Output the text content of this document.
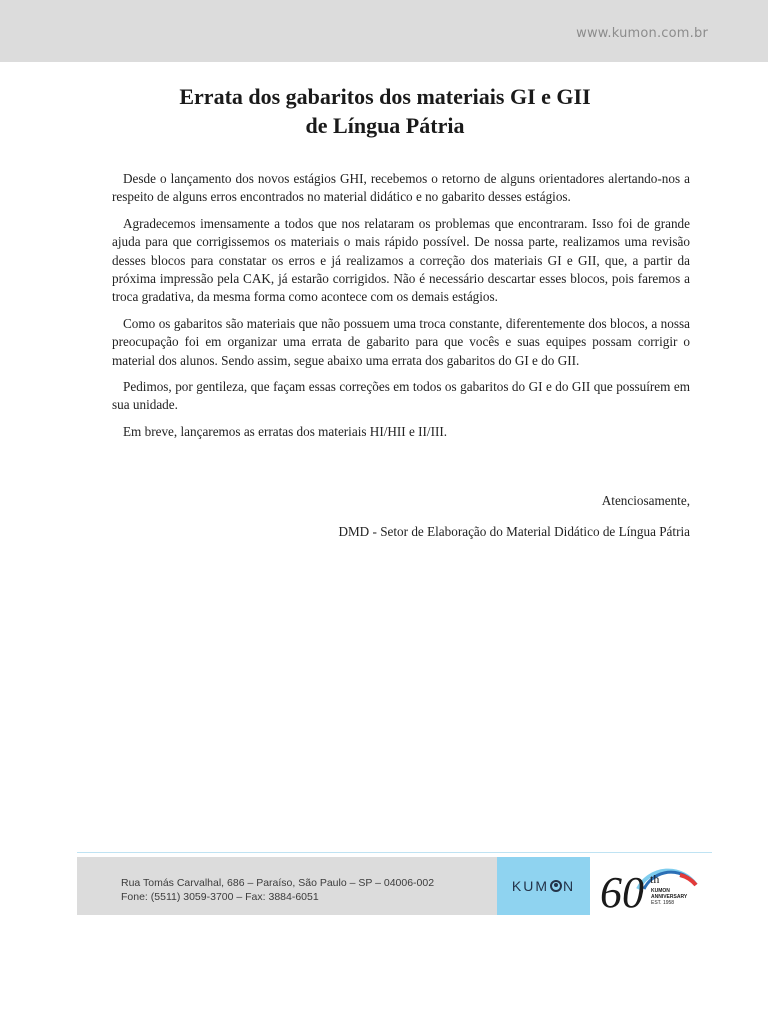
www.kumon.com.br
Errata dos gabaritos dos materiais GI e GII
de Língua Pátria

Desde o lançamento dos novos estágios GHI, recebemos o retorno de alguns orientadores alertando-nos a respeito de alguns erros encontrados no material didático e no gabarito desses estágios.

Agradecemos imensamente a todos que nos relataram os problemas que encontraram. Isso foi de grande ajuda para que corrigissemos os materiais o mais rápido possível. De nossa parte, realizamos uma revisão desses blocos para constatar os erros e já realizamos a correção dos materiais GI e GII, que, a partir da próxima impressão pela CAK, já estarão corrigidos. Não é necessário descartar esses blocos, pois faremos a troca gradativa, da mesma forma como acontece com os demais estágios.

Como os gabaritos são materiais que não possuem uma troca constante, diferentemente dos blocos, a nossa preocupação foi em organizar uma errata de gabarito para que vocês e suas equipes possam corrigir o material dos alunos. Sendo assim, segue abaixo uma errata dos gabaritos do GI e do GII.

Pedimos, por gentileza, que façam essas correções em todos os gabaritos do GI e do GII que possuírem em sua unidade.

Em breve, lançaremos as erratas dos materiais HI/HII e II/III.

Atenciosamente,
DMD - Setor de Elaboração do Material Didático de Língua Pátria
Rua Tomás Carvalhal, 686 – Paraíso, São Paulo – SP – 04006-002
Fone: (5511) 3059-3700 – Fax: 3884-6051
KUM N 60 th
KUMON
ANNIVERSARY
EST. 1958
